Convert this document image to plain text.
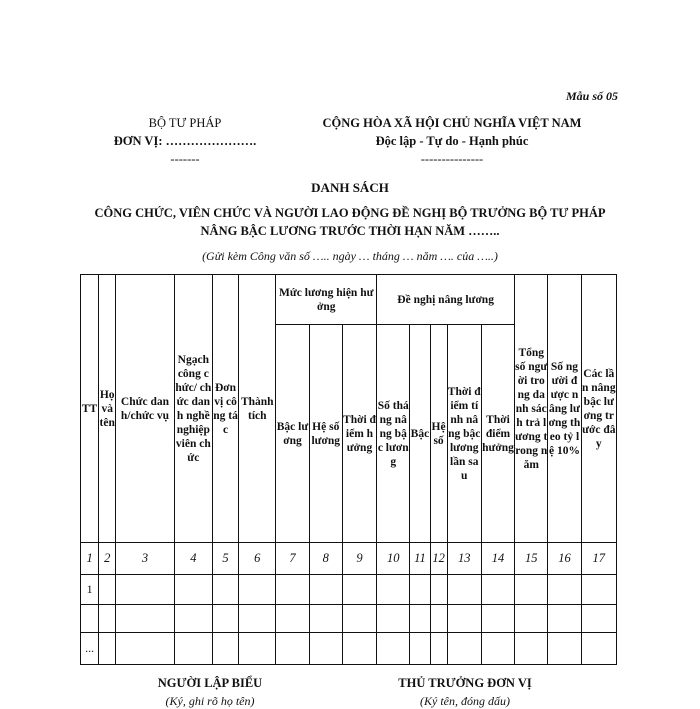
Mẫu số 05
BỘ TƯ PHÁP
ĐƠN VỊ: ………………….
-------
CỘNG HÒA XÃ HỘI CHỦ NGHĨA VIỆT NAM
Độc lập - Tự do - Hạnh phúc
---------------
DANH SÁCH
CÔNG CHỨC, VIÊN CHỨC VÀ NGƯỜI LAO ĐỘNG ĐỀ NGHỊ BỘ TRƯỞNG BỘ TƯ PHÁP NÂNG BẬC LƯƠNG TRƯỚC THỜI HẠN NĂM ……..
(Gửi kèm Công văn số ….. ngày … tháng … năm …. của …..)
TT	Họ và tên	Chức danh/chức vụ	Ngạch công chức/ chức danh nghề nghiệp viên chức	Đơn vị công tác	Thành tích	Mức lương hiện hưởng			Đề nghị nâng lương					Tổng số người trong danh sách trả lương trong năm	Số người được nâng lương theo tỷ lệ 10%	Các lần nâng bậc lương trước đây
						Bậc lương	Hệ số lương	Thời điểm hưởng	Số tháng nâng bậc lương	Bậc	Hệ số	Thời điểm tính nâng bậc lương lần sau	Thời điểm hưởng			
1	2	3	4	5	6	7	8	9	10	11	12	13	14	15	16	17
1																

...																
NGƯỜI LẬP BIỂU
(Ký, ghi rõ họ tên)
THỦ TRƯỞNG ĐƠN VỊ
(Ký tên, đóng dấu)
